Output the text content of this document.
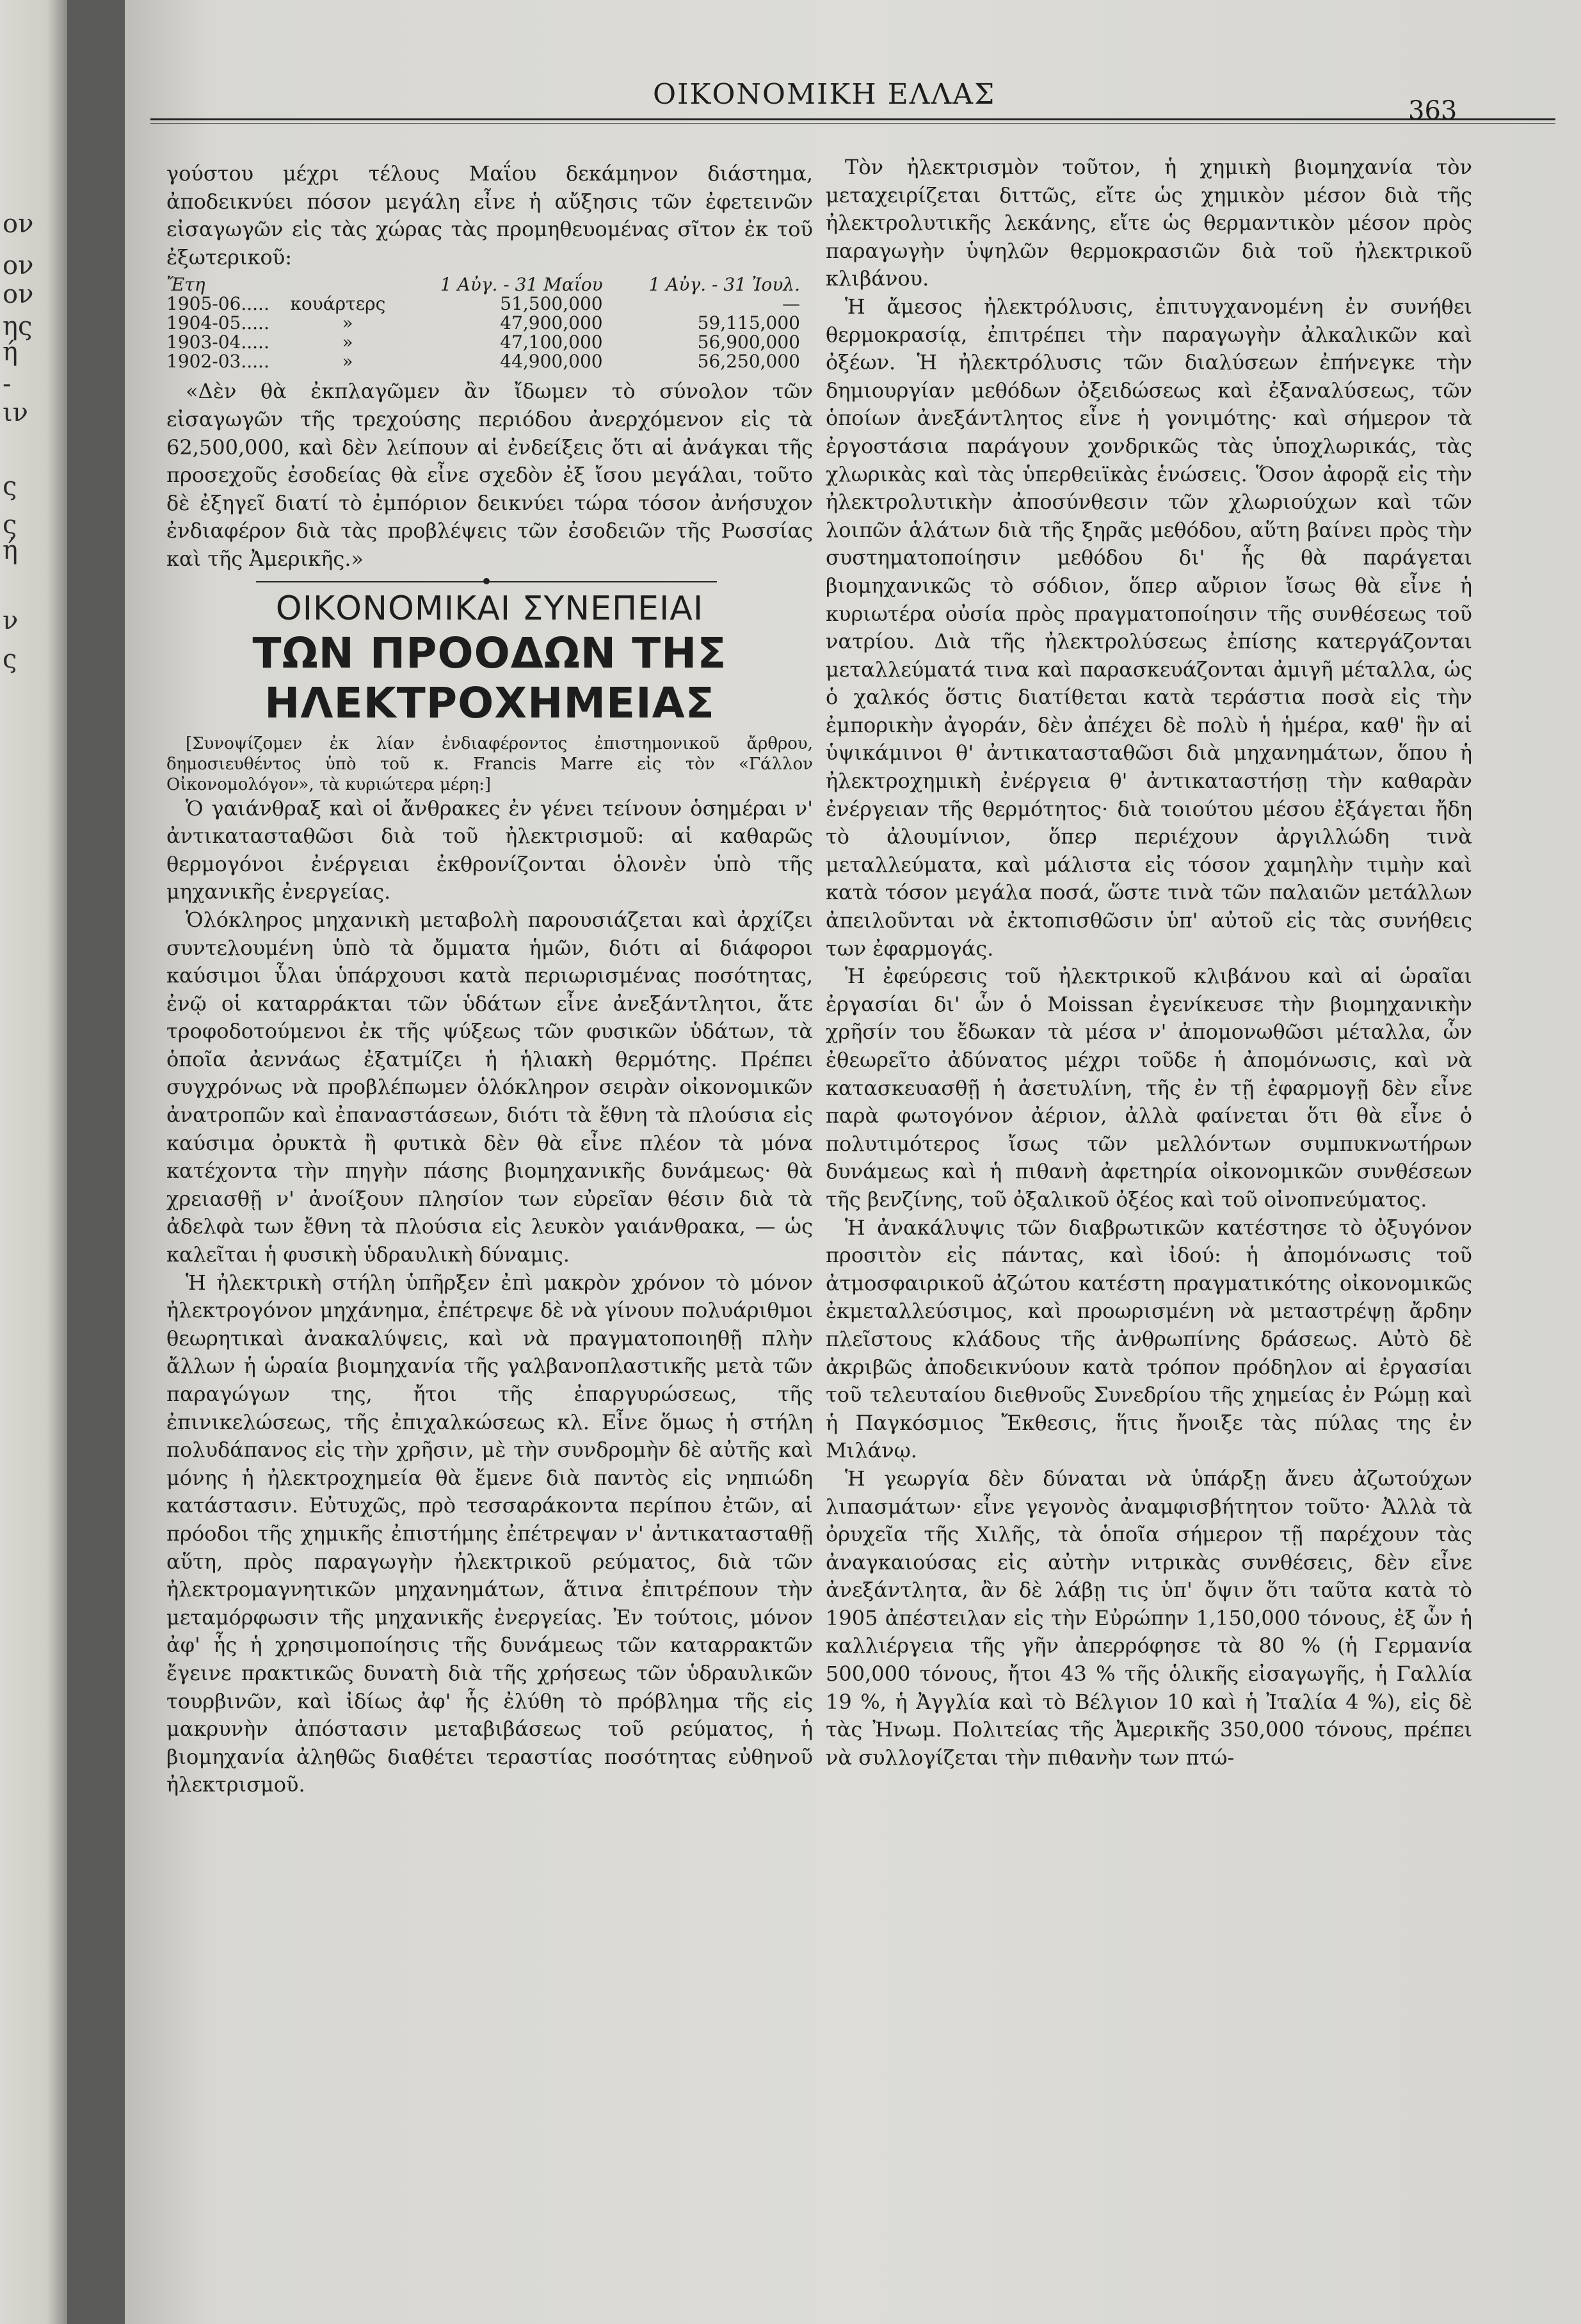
ον
ον
ον
ης
ή
-
ιν
ς
ς
ή
ν
ς
ΟΙΚΟΝΟΜΙΚΗ ΕΛΛΑΣ	363

γούστου μέχρι τέλους Μαΐου δεκάμηνον διάστημα, ἀποδεικνύει πόσον μεγάλη εἶνε ἡ αὔξησις τῶν ἐφετεινῶν εἰσαγωγῶν εἰς τὰς χώρας τὰς προμηθευομένας σῖτον ἐκ τοῦ ἐξωτερικοῦ:

Ἔτη		1 Αὐγ. - 31 Μαΐου	1 Αὐγ. - 31 Ἰουλ.
1905-06.....	κουάρτερς	51,500,000	—
1904-05.....	»	47,900,000	59,115,000
1903-04.....	»	47,100,000	56,900,000
1902-03.....	»	44,900,000	56,250,000

«Δὲν θὰ ἐκπλαγῶμεν ἂν ἴδωμεν τὸ σύνολον τῶν εἰσαγωγῶν τῆς τρεχούσης περιόδου ἀνερχόμενον εἰς τὰ 62,500,000, καὶ δὲν λείπουν αἱ ἐνδείξεις ὅτι αἱ ἀνάγκαι τῆς προσεχοῦς ἐσοδείας θὰ εἶνε σχεδὸν ἐξ ἴσου μεγάλαι, τοῦτο δὲ ἐξηγεῖ διατί τὸ ἐμπόριον δεικνύει τώρα τόσον ἀνήσυχον ἐνδιαφέρον διὰ τὰς προβλέψεις τῶν ἐσοδειῶν τῆς Ρωσσίας καὶ τῆς Ἀμερικῆς.»

ΟΙΚΟΝΟΜΙΚΑΙ ΣΥΝΕΠΕΙΑΙ
ΤΩΝ ΠΡΟΟΔΩΝ ΤΗΣ ΗΛΕΚΤΡΟΧΗΜΕΙΑΣ

[Συνοψίζομεν ἐκ λίαν ἐνδιαφέροντος ἐπιστημονικοῦ ἄρθρου, δημοσιευθέντος ὑπὸ τοῦ κ. Francis Marre εἰς τὸν «Γάλλον Οἰκονομολόγον», τὰ κυριώτερα μέρη:]

Ὁ γαιάνθραξ καὶ οἱ ἄνθρακες ἐν γένει τείνουν ὁσημέραι ν' ἀντικατασταθῶσι διὰ τοῦ ἠλεκτρισμοῦ: αἱ καθαρῶς θερμογόνοι ἐνέργειαι ἐκθρονίζονται ὁλονὲν ὑπὸ τῆς μηχανικῆς ἐνεργείας.

Ὁλόκληρος μηχανικὴ μεταβολὴ παρουσιάζεται καὶ ἀρχίζει συντελουμένη ὑπὸ τὰ ὄμματα ἡμῶν, διότι αἱ διάφοροι καύσιμοι ὗλαι ὑπάρχουσι κατὰ περιωρισμένας ποσότητας, ἐνῷ οἱ καταρράκται τῶν ὑδάτων εἶνε ἀνεξάντλητοι, ἅτε τροφοδοτούμενοι ἐκ τῆς ψύξεως τῶν φυσικῶν ὑδάτων, τὰ ὁποῖα ἀεννάως ἐξατμίζει ἡ ἡλιακὴ θερμότης. Πρέπει συγχρόνως νὰ προβλέπωμεν ὁλόκληρον σειρὰν οἰκονομικῶν ἀνατροπῶν καὶ ἐπαναστάσεων, διότι τὰ ἔθνη τὰ πλούσια εἰς καύσιμα ὀρυκτὰ ἢ φυτικὰ δὲν θὰ εἶνε πλέον τὰ μόνα κατέχοντα τὴν πηγὴν πάσης βιομηχανικῆς δυνάμεως· θὰ χρειασθῇ ν' ἀνοίξουν πλησίον των εὐρεῖαν θέσιν διὰ τὰ ἀδελφὰ των ἔθνη τὰ πλούσια εἰς λευκὸν γαιάνθρακα, — ὡς καλεῖται ἡ φυσικὴ ὑδραυλικὴ δύναμις.

Ἡ ἠλεκτρικὴ στήλη ὑπῆρξεν ἐπὶ μακρὸν χρόνον τὸ μόνον ἠλεκτρογόνον μηχάνημα, ἐπέτρεψε δὲ νὰ γίνουν πολυάριθμοι θεωρητικαὶ ἀνακαλύψεις, καὶ νὰ πραγματοποιηθῇ πλὴν ἄλλων ἡ ὡραία βιομηχανία τῆς γαλβανοπλαστικῆς μετὰ τῶν παραγώγων της, ἤτοι τῆς ἐπαργυρώσεως, τῆς ἐπινικελώσεως, τῆς ἐπιχαλκώσεως κλ. Εἶνε ὅμως ἡ στήλη πολυδάπανος εἰς τὴν χρῆσιν, μὲ τὴν συνδρομὴν δὲ αὐτῆς καὶ μόνης ἡ ἠλεκτροχημεία θὰ ἔμενε διὰ παντὸς εἰς νηπιώδη κατάστασιν. Εὐτυχῶς, πρὸ τεσσαράκοντα περίπου ἐτῶν, αἱ πρόοδοι τῆς χημικῆς ἐπιστήμης ἐπέτρεψαν ν' ἀντικατασταθῇ αὕτη, πρὸς παραγωγὴν ἠλεκτρικοῦ ρεύματος, διὰ τῶν ἠλεκτρομαγνητικῶν μηχανημάτων, ἅτινα ἐπιτρέπουν τὴν μεταμόρφωσιν τῆς μηχανικῆς ἐνεργείας. Ἐν τούτοις, μόνον ἀφ' ἧς ἡ χρησιμοποίησις τῆς δυνάμεως τῶν καταρρακτῶν ἔγεινε πρακτικῶς δυνατὴ διὰ τῆς χρήσεως τῶν ὑδραυλικῶν τουρβινῶν, καὶ ἰδίως ἀφ' ἧς ἐλύθη τὸ πρόβλημα τῆς εἰς μακρυνὴν ἀπόστασιν μεταβιβάσεως τοῦ ρεύματος, ἡ βιομηχανία ἀληθῶς διαθέτει τεραστίας ποσότητας εὐθηνοῦ ἠλεκτρισμοῦ.

Τὸν ἠλεκτρισμὸν τοῦτον, ἡ χημικὴ βιομηχανία τὸν μεταχειρίζεται διττῶς, εἴτε ὡς χημικὸν μέσον διὰ τῆς ἠλεκτρολυτικῆς λεκάνης, εἴτε ὡς θερμαντικὸν μέσον πρὸς παραγωγὴν ὑψηλῶν θερμοκρασιῶν διὰ τοῦ ἠλεκτρικοῦ κλιβάνου.

Ἡ ἄμεσος ἠλεκτρόλυσις, ἐπιτυγχανομένη ἐν συνήθει θερμοκρασίᾳ, ἐπιτρέπει τὴν παραγωγὴν ἀλκαλικῶν καὶ ὀξέων. Ἡ ἠλεκτρόλυσις τῶν διαλύσεων ἐπήνεγκε τὴν δημιουργίαν μεθόδων ὀξειδώσεως καὶ ἐξαναλύσεως, τῶν ὁποίων ἀνεξάντλητος εἶνε ἡ γονιμότης· καὶ σήμερον τὰ ἐργοστάσια παράγουν χονδρικῶς τὰς ὑποχλωρικάς, τὰς χλωρικὰς καὶ τὰς ὑπερθειϊκὰς ἑνώσεις. Ὅσον ἀφορᾷ εἰς τὴν ἠλεκτρολυτικὴν ἀποσύνθεσιν τῶν χλωριούχων καὶ τῶν λοιπῶν ἁλάτων διὰ τῆς ξηρᾶς μεθόδου, αὕτη βαίνει πρὸς τὴν συστηματοποίησιν μεθόδου δι' ἧς θὰ παράγεται βιομηχανικῶς τὸ σόδιον, ὅπερ αὔριον ἴσως θὰ εἶνε ἡ κυριωτέρα οὐσία πρὸς πραγματοποίησιν τῆς συνθέσεως τοῦ νατρίου. Διὰ τῆς ἠλεκτρολύσεως ἐπίσης κατεργάζονται μεταλλεύματά τινα καὶ παρασκευάζονται ἀμιγῆ μέταλλα, ὡς ὁ χαλκός ὅστις διατίθεται κατὰ τεράστια ποσὰ εἰς τὴν ἐμπορικὴν ἀγοράν, δὲν ἀπέχει δὲ πολὺ ἡ ἡμέρα, καθ' ἣν αἱ ὑψικάμινοι θ' ἀντικατασταθῶσι διὰ μηχανημάτων, ὅπου ἡ ἠλεκτροχημικὴ ἐνέργεια θ' ἀντικαταστήσῃ τὴν καθαρὰν ἐνέργειαν τῆς θερμότητος· διὰ τοιούτου μέσου ἐξάγεται ἤδη τὸ ἀλουμίνιον, ὅπερ περιέχουν ἀργιλλώδη τινὰ μεταλλεύματα, καὶ μάλιστα εἰς τόσον χαμηλὴν τιμὴν καὶ κατὰ τόσον μεγάλα ποσά, ὥστε τινὰ τῶν παλαιῶν μετάλλων ἀπειλοῦνται νὰ ἐκτοπισθῶσιν ὑπ' αὐτοῦ εἰς τὰς συνήθεις των ἐφαρμογάς.

Ἡ ἐφεύρεσις τοῦ ἠλεκτρικοῦ κλιβάνου καὶ αἱ ὡραῖαι ἐργασίαι δι' ὧν ὁ Moissan ἐγενίκευσε τὴν βιομηχανικὴν χρῆσίν του ἔδωκαν τὰ μέσα ν' ἀπομονωθῶσι μέταλλα, ὧν ἐθεωρεῖτο ἀδύνατος μέχρι τοῦδε ἡ ἀπομόνωσις, καὶ νὰ κατασκευασθῇ ἡ ἀσετυλίνη, τῆς ἐν τῇ ἐφαρμογῇ δὲν εἶνε παρὰ φωτογόνον ἀέριον, ἀλλὰ φαίνεται ὅτι θὰ εἶνε ὁ πολυτιμότερος ἴσως τῶν μελλόντων συμπυκνωτήρων δυνάμεως καὶ ἡ πιθανὴ ἀφετηρία οἰκονομικῶν συνθέσεων τῆς βενζίνης, τοῦ ὀξαλικοῦ ὀξέος καὶ τοῦ οἰνοπνεύματος.

Ἡ ἀνακάλυψις τῶν διαβρωτικῶν κατέστησε τὸ ὀξυγόνον προσιτὸν εἰς πάντας, καὶ ἰδού: ἡ ἀπομόνωσις τοῦ ἀτμοσφαιρικοῦ ἀζώτου κατέστη πραγματικότης οἰκονομικῶς ἐκμεταλλεύσιμος, καὶ προωρισμένη νὰ μεταστρέψῃ ἄρδην πλεῖστους κλάδους τῆς ἀνθρωπίνης δράσεως. Αὐτὸ δὲ ἀκριβῶς ἀποδεικνύουν κατὰ τρόπον πρόδηλον αἱ ἐργασίαι τοῦ τελευταίου διεθνοῦς Συνεδρίου τῆς χημείας ἐν Ρώμῃ καὶ ἡ Παγκόσμιος Ἔκθεσις, ἥτις ἤνοιξε τὰς πύλας της ἐν Μιλάνῳ.

Ἡ γεωργία δὲν δύναται νὰ ὑπάρξῃ ἄνευ ἀζωτούχων λιπασμάτων· εἶνε γεγονὸς ἀναμφισβήτητον τοῦτο· Ἀλλὰ τὰ ὀρυχεῖα τῆς Χιλῆς, τὰ ὁποῖα σήμερον τῇ παρέχουν τὰς ἀναγκαιούσας εἰς αὐτὴν νιτρικὰς συνθέσεις, δὲν εἶνε ἀνεξάντλητα, ἂν δὲ λάβῃ τις ὑπ' ὄψιν ὅτι ταῦτα κατὰ τὸ 1905 ἀπέστειλαν εἰς τὴν Εὐρώπην 1,150,000 τόνους, ἐξ ὧν ἡ καλλιέργεια τῆς γῆν ἀπερρόφησε τὰ 80 % (ἡ Γερμανία 500,000 τόνους, ἤτοι 43 % τῆς ὁλικῆς εἰσαγωγῆς, ἡ Γαλλία 19 %, ἡ Ἀγγλία καὶ τὸ Βέλγιον 10 καὶ ἡ Ἰταλία 4 %), εἰς δὲ τὰς Ἠνωμ. Πολιτείας τῆς Ἀμερικῆς 350,000 τόνους, πρέπει νὰ συλλογίζεται τὴν πιθανὴν των πτώ-
